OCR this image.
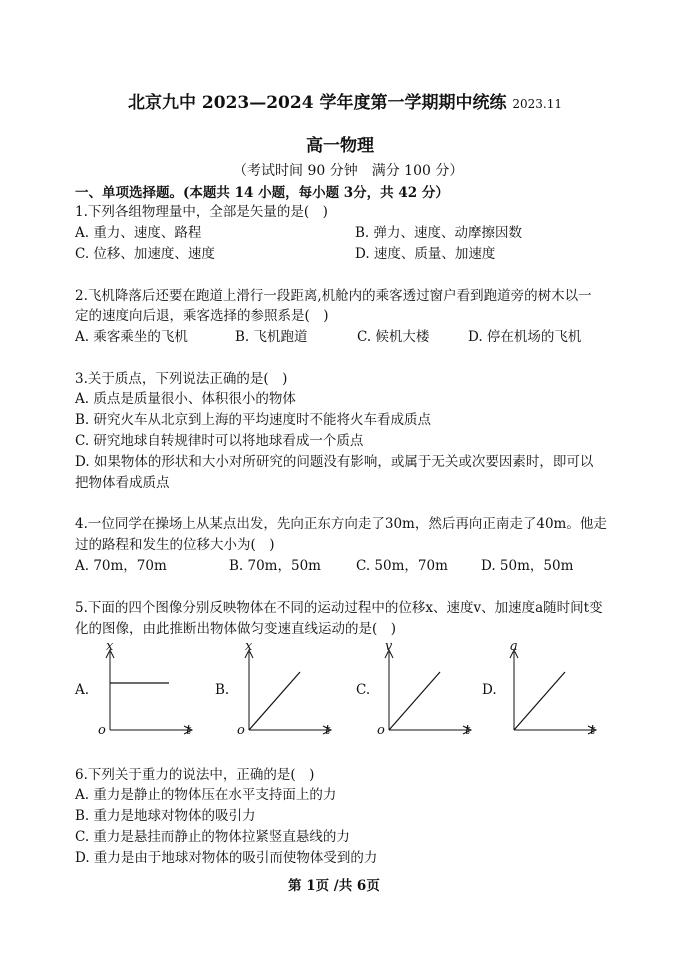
北京九中 2023—2024 学年度第一学期期中统练 2023.11
高一物理
（考试时间 90 分钟　满分 100 分）
一、单项选择题。(本题共 14 小题，每小题 3分，共 42 分）
1.下列各组物理量中，全部是矢量的是(　)
A. 重力、速度、路程	B. 弹力、速度、动摩擦因数
C. 位移、加速度、速度	D. 速度、质量、加速度
2.飞机降落后还要在跑道上滑行一段距离,机舱内的乘客透过窗户看到跑道旁的树木以一
定的速度向后退，乘客选择的参照系是(　)
A. 乘客乘坐的飞机	B. 飞机跑道	C. 候机大楼	D. 停在机场的飞机
3.关于质点，下列说法正确的是(　)
A. 质点是质量很小、体积很小的物体
B. 研究火车从北京到上海的平均速度时不能将火车看成质点
C. 研究地球自转规律时可以将地球看成一个质点
D. 如果物体的形状和大小对所研究的问题没有影响，或属于无关或次要因素时，即可以
把物体看成质点
4.一位同学在操场上从某点出发，先向正东方向走了30m，然后再向正南走了40m。他走
过的路程和发生的位移大小为(　)
A. 70m，70m	B. 70m，50m	C. 50m，70m D. 50m，50m
5.下面的四个图像分别反映物体在不同的运动过程中的位移x、速度v、加速度a随时间t变
化的图像，由此推断出物体做匀变速直线运动的是(　)
A.
x
t
o
B.
x
t
o
C.
v
t
o
D.
a
t
6.下列关于重力的说法中，正确的是(　)
A. 重力是静止的物体压在水平支持面上的力
B. 重力是地球对物体的吸引力
C. 重力是悬挂而静止的物体拉紧竖直悬线的力
D. 重力是由于地球对物体的吸引而使物体受到的力
第 1页 /共 6页
